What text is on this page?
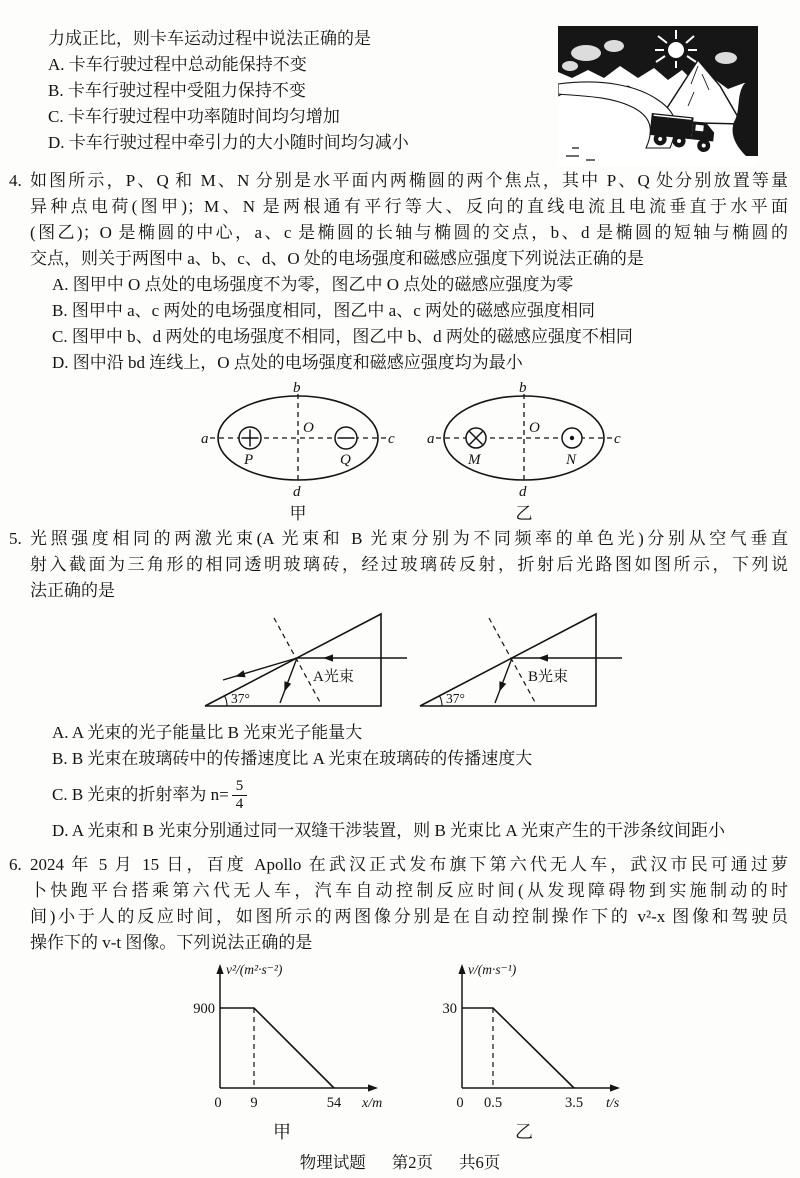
力成正比，则卡车运动过程中说法正确的是
A. 卡车行驶过程中总动能保持不变
B. 卡车行驶过程中受阻力保持不变
C. 卡车行驶过程中功率随时间均匀增加
D. 卡车行驶过程中牵引力的大小随时间均匀减小
4. 如图所示，P、Q 和 M、N 分别是水平面内两椭圆的两个焦点，其中 P、Q 处分别放置等量
异种点电荷(图甲)；M、N 是两根通有平行等大、反向的直线电流且电流垂直于水平面
(图乙)；O 是椭圆的中心，a、c 是椭圆的长轴与椭圆的交点，b、d 是椭圆的短轴与椭圆的
交点，则关于两图中 a、b、c、d、O 处的电场强度和磁感应强度下列说法正确的是
A. 图甲中 O 点处的电场强度不为零，图乙中 O 点处的磁感应强度为零
B. 图甲中 a、c 两处的电场强度相同，图乙中 a、c 两处的磁感应强度相同
C. 图甲中 b、d 两处的电场强度不相同，图乙中 b、d 两处的磁感应强度不相同
D. 图中沿 bd 连线上，O 点处的电场强度和磁感应强度均为最小
a
b
c
d
O
P	Q
甲
a
b
c
d
O
M	N
乙
5. 光照强度相同的两激光束(A 光束和 B 光束分别为不同频率的单色光)分别从空气垂直
射入截面为三角形的相同透明玻璃砖，经过玻璃砖反射，折射后光路图如图所示，下列说
法正确的是
37°
A光束
37°
B光束
A. A 光束的光子能量比 B 光束光子能量大
B. B 光束在玻璃砖中的传播速度比 A 光束在玻璃砖的传播速度大
C. B 光束的折射率为 $n= \frac{5}{4}$
D. A 光束和 B 光束分别通过同一双缝干涉装置，则 B 光束比 A 光束产生的干涉条纹间距小
6. 2024 年 5 月 15 日，百度 Apollo 在武汉正式发布旗下第六代无人车，武汉市民可通过萝
卜快跑平台搭乘第六代无人车，汽车自动控制反应时间(从发现障碍物到实施制动的时
间)小于人的反应时间，如图所示的两图像分别是在自动控制操作下的 v²-x 图像和驾驶员
操作下的 v-t 图像。下列说法正确的是
v²/(m²·s⁻²)
900
0 9	54 x/m
甲
v/(m·s⁻¹)
30
0 0.5	3.5 t/s
乙
物理试题 第2页 共6页
